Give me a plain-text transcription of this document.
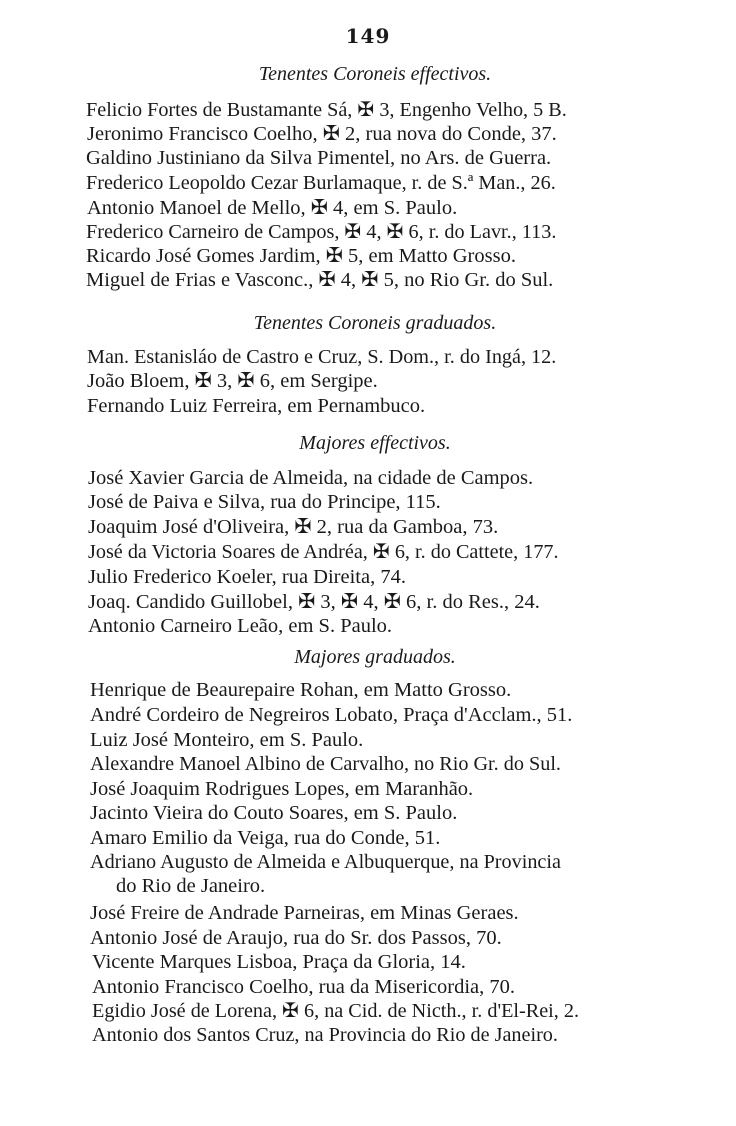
149
Tenentes Coroneis effectivos.
Felicio Fortes de Bustamante Sá, ✠ 3, Engenho Velho, 5 B.
Jeronimo Francisco Coelho, ✠ 2, rua nova do Conde, 37.
Galdino Justiniano da Silva Pimentel, no Ars. de Guerra.
Frederico Leopoldo Cezar Burlamaque, r. de S.ª Man., 26.
Antonio Manoel de Mello, ✠ 4, em S. Paulo.
Frederico Carneiro de Campos, ✠ 4, ✠ 6, r. do Lavr., 113.
Ricardo José Gomes Jardim, ✠ 5, em Matto Grosso.
Miguel de Frias e Vasconc., ✠ 4, ✠ 5, no Rio Gr. do Sul.
Tenentes Coroneis graduados.
Man. Estanisláo de Castro e Cruz, S. Dom., r. do Ingá, 12.
João Bloem, ✠ 3, ✠ 6, em Sergipe.
Fernando Luiz Ferreira, em Pernambuco.
Majores effectivos.
José Xavier Garcia de Almeida, na cidade de Campos.
José de Paiva e Silva, rua do Principe, 115.
Joaquim José d'Oliveira, ✠ 2, rua da Gamboa, 73.
José da Victoria Soares de Andréa, ✠ 6, r. do Cattete, 177.
Julio Frederico Koeler, rua Direita, 74.
Joaq. Candido Guillobel, ✠ 3, ✠ 4, ✠ 6, r. do Res., 24.
Antonio Carneiro Leão, em S. Paulo.
Majores graduados.
Henrique de Beaurepaire Rohan, em Matto Grosso.
André Cordeiro de Negreiros Lobato, Praça d'Acclam., 51.
Luiz José Monteiro, em S. Paulo.
Alexandre Manoel Albino de Carvalho, no Rio Gr. do Sul.
José Joaquim Rodrigues Lopes, em Maranhão.
Jacinto Vieira do Couto Soares, em S. Paulo.
Amaro Emilio da Veiga, rua do Conde, 51.
Adriano Augusto de Almeida e Albuquerque, na Provincia
do Rio de Janeiro.
José Freire de Andrade Parneiras, em Minas Geraes.
Antonio José de Araujo, rua do Sr. dos Passos, 70.
Vicente Marques Lisboa, Praça da Gloria, 14.
Antonio Francisco Coelho, rua da Misericordia, 70.
Egidio José de Lorena, ✠ 6, na Cid. de Nicth., r. d'El-Rei, 2.
Antonio dos Santos Cruz, na Provincia do Rio de Janeiro.
